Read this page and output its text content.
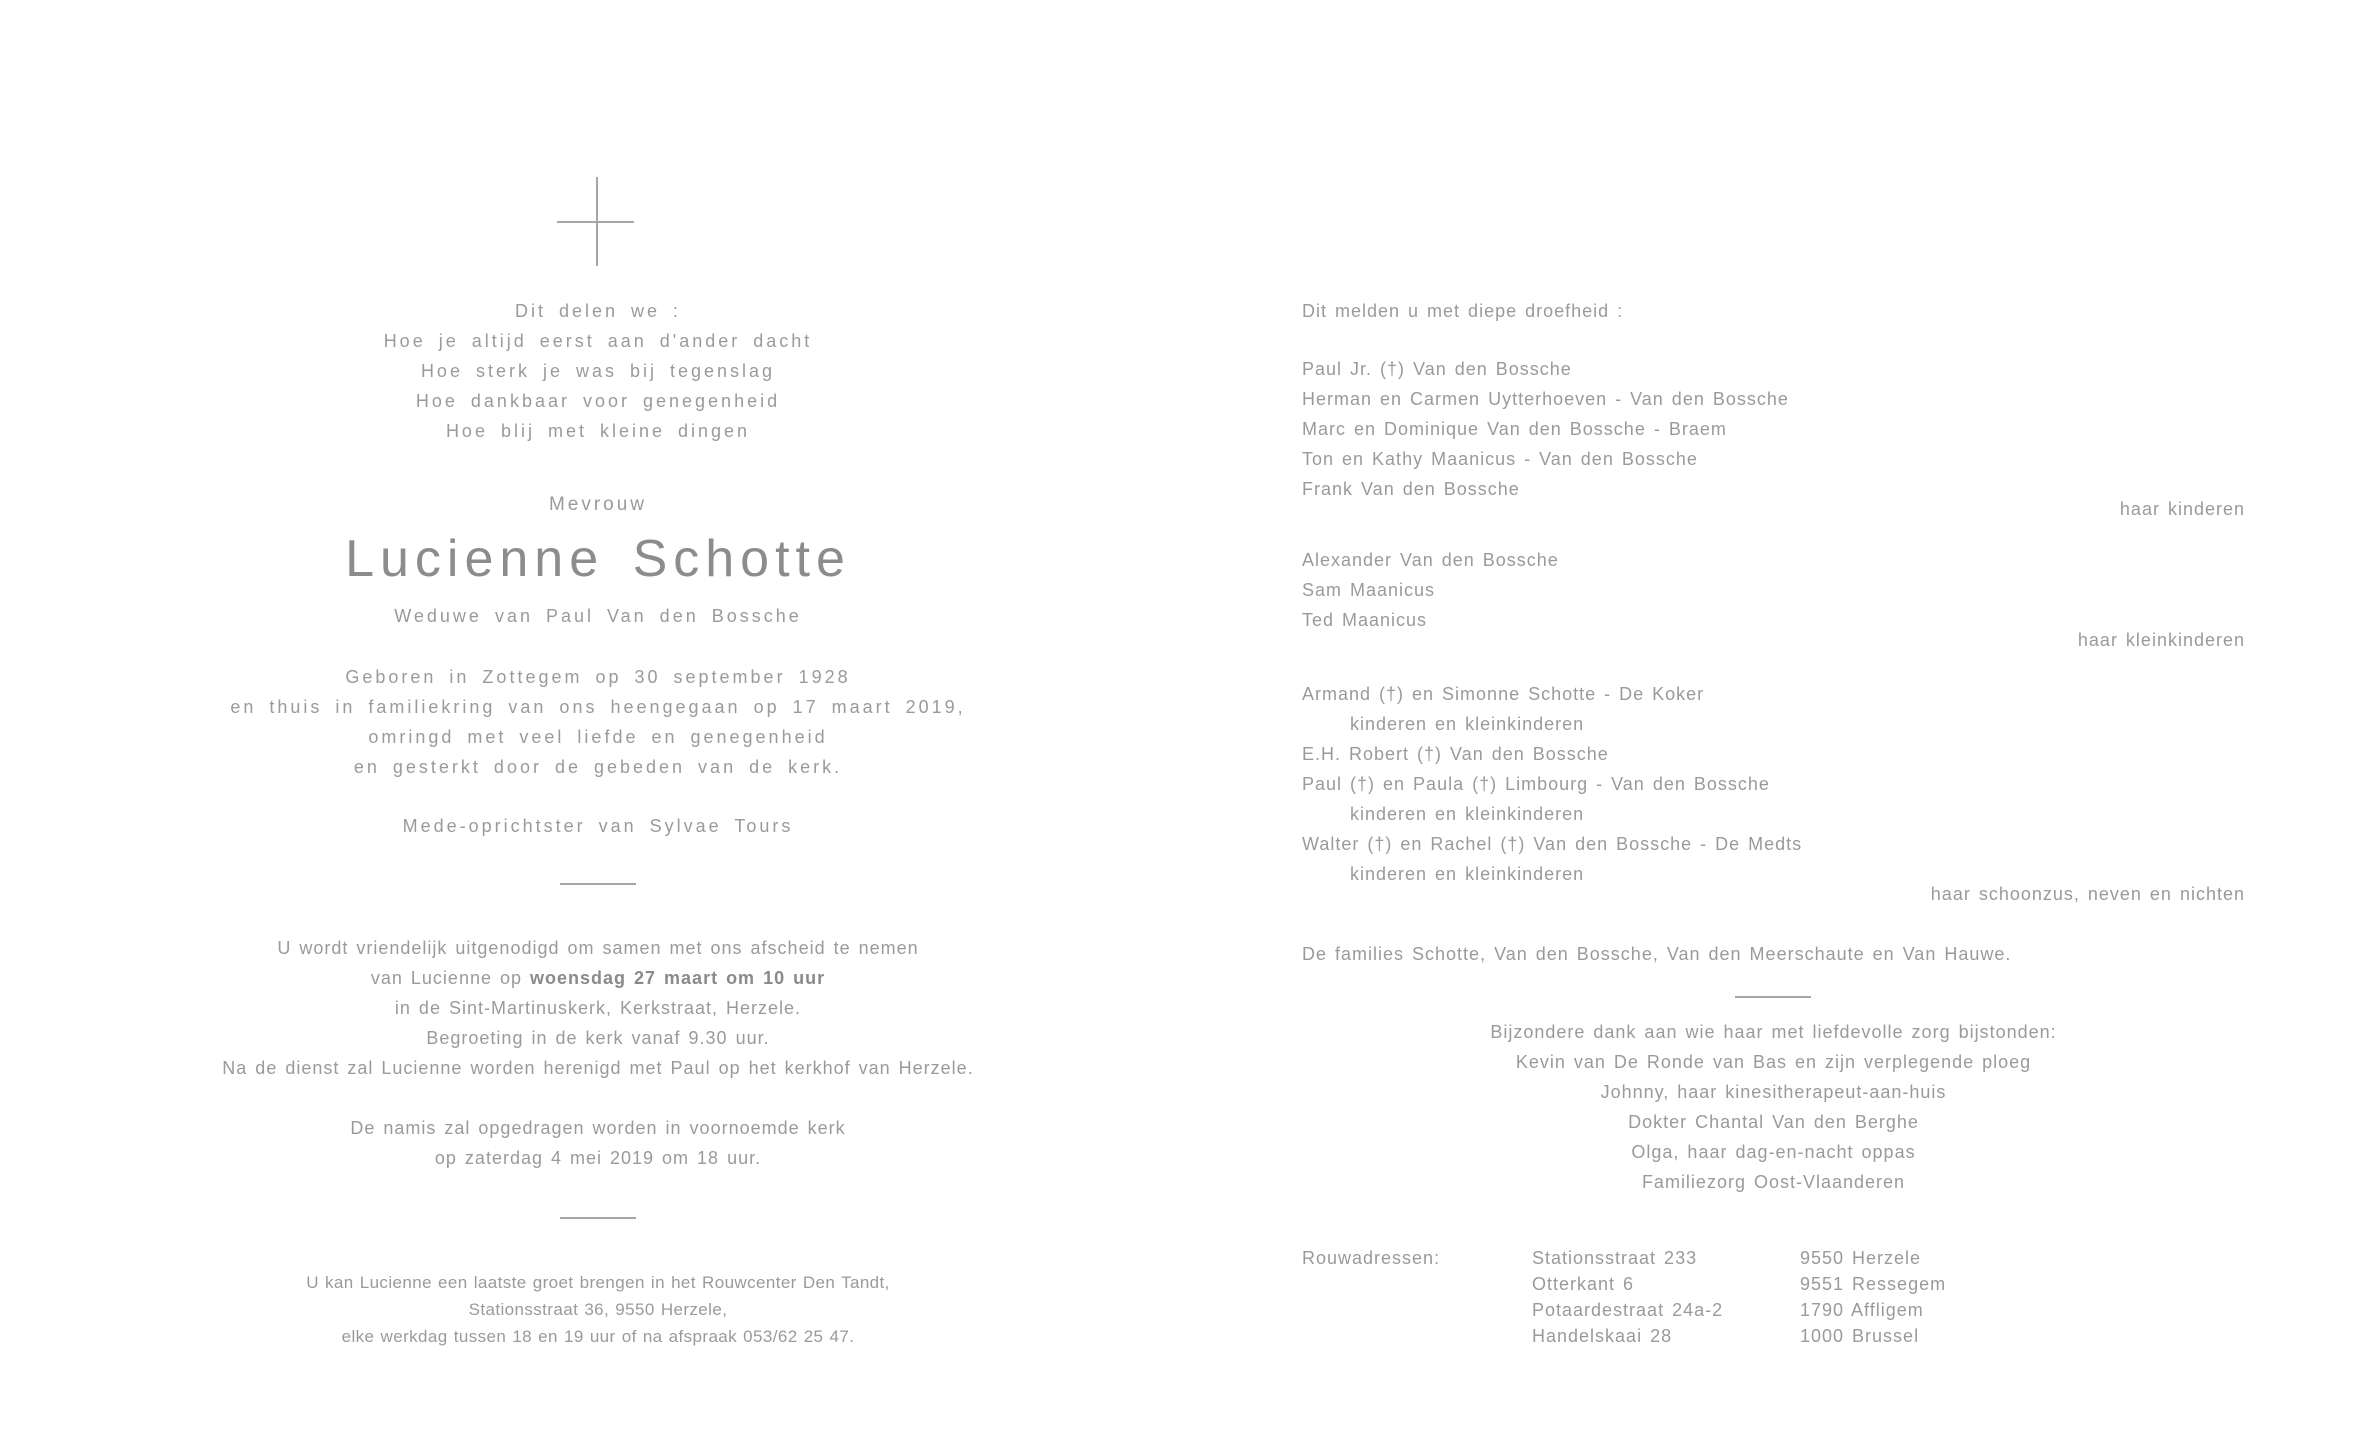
Dit delen we :
Hoe je altijd eerst aan d'ander dacht
Hoe sterk je was bij tegenslag
Hoe dankbaar voor genegenheid
Hoe blij met kleine dingen
Mevrouw
Lucienne Schotte
Weduwe van Paul Van den Bossche
Geboren in Zottegem op 30 september 1928
en thuis in familiekring van ons heengegaan op 17 maart 2019,
omringd met veel liefde en genegenheid
en gesterkt door de gebeden van de kerk.
Mede-oprichtster van Sylvae Tours
U wordt vriendelijk uitgenodigd om samen met ons afscheid te nemen
van Lucienne op woensdag 27 maart om 10 uur
in de Sint-Martinuskerk, Kerkstraat, Herzele.
Begroeting in de kerk vanaf 9.30 uur.
Na de dienst zal Lucienne worden herenigd met Paul op het kerkhof van Herzele.
De namis zal opgedragen worden in voornoemde kerk
op zaterdag 4 mei 2019 om 18 uur.
U kan Lucienne een laatste groet brengen in het Rouwcenter Den Tandt,
Stationsstraat 36, 9550 Herzele,
elke werkdag tussen 18 en 19 uur of na afspraak 053/62 25 47.
Dit melden u met diepe droefheid :
Paul Jr. (†) Van den Bossche
Herman en Carmen Uytterhoeven - Van den Bossche
Marc en Dominique Van den Bossche - Braem
Ton en Kathy Maanicus - Van den Bossche
Frank Van den Bossche
haar kinderen
Alexander Van den Bossche
Sam Maanicus
Ted Maanicus
haar kleinkinderen
Armand (†) en Simonne Schotte - De Koker
kinderen en kleinkinderen
E.H. Robert (†) Van den Bossche
Paul (†) en Paula (†) Limbourg - Van den Bossche
kinderen en kleinkinderen
Walter (†) en Rachel (†) Van den Bossche - De Medts
kinderen en kleinkinderen
haar schoonzus, neven en nichten
De families Schotte, Van den Bossche, Van den Meerschaute en Van Hauwe.
Bijzondere dank aan wie haar met liefdevolle zorg bijstonden:
Kevin van De Ronde van Bas en zijn verplegende ploeg
Johnny, haar kinesitherapeut-aan-huis
Dokter Chantal Van den Berghe
Olga, haar dag-en-nacht oppas
Familiezorg Oost-Vlaanderen
Rouwadressen:	Stationsstraat 233	9550 Herzele
Otterkant 6	9551 Ressegem
Potaardestraat 24a-2	1790 Affligem
Handelskaai 28	1000 Brussel
